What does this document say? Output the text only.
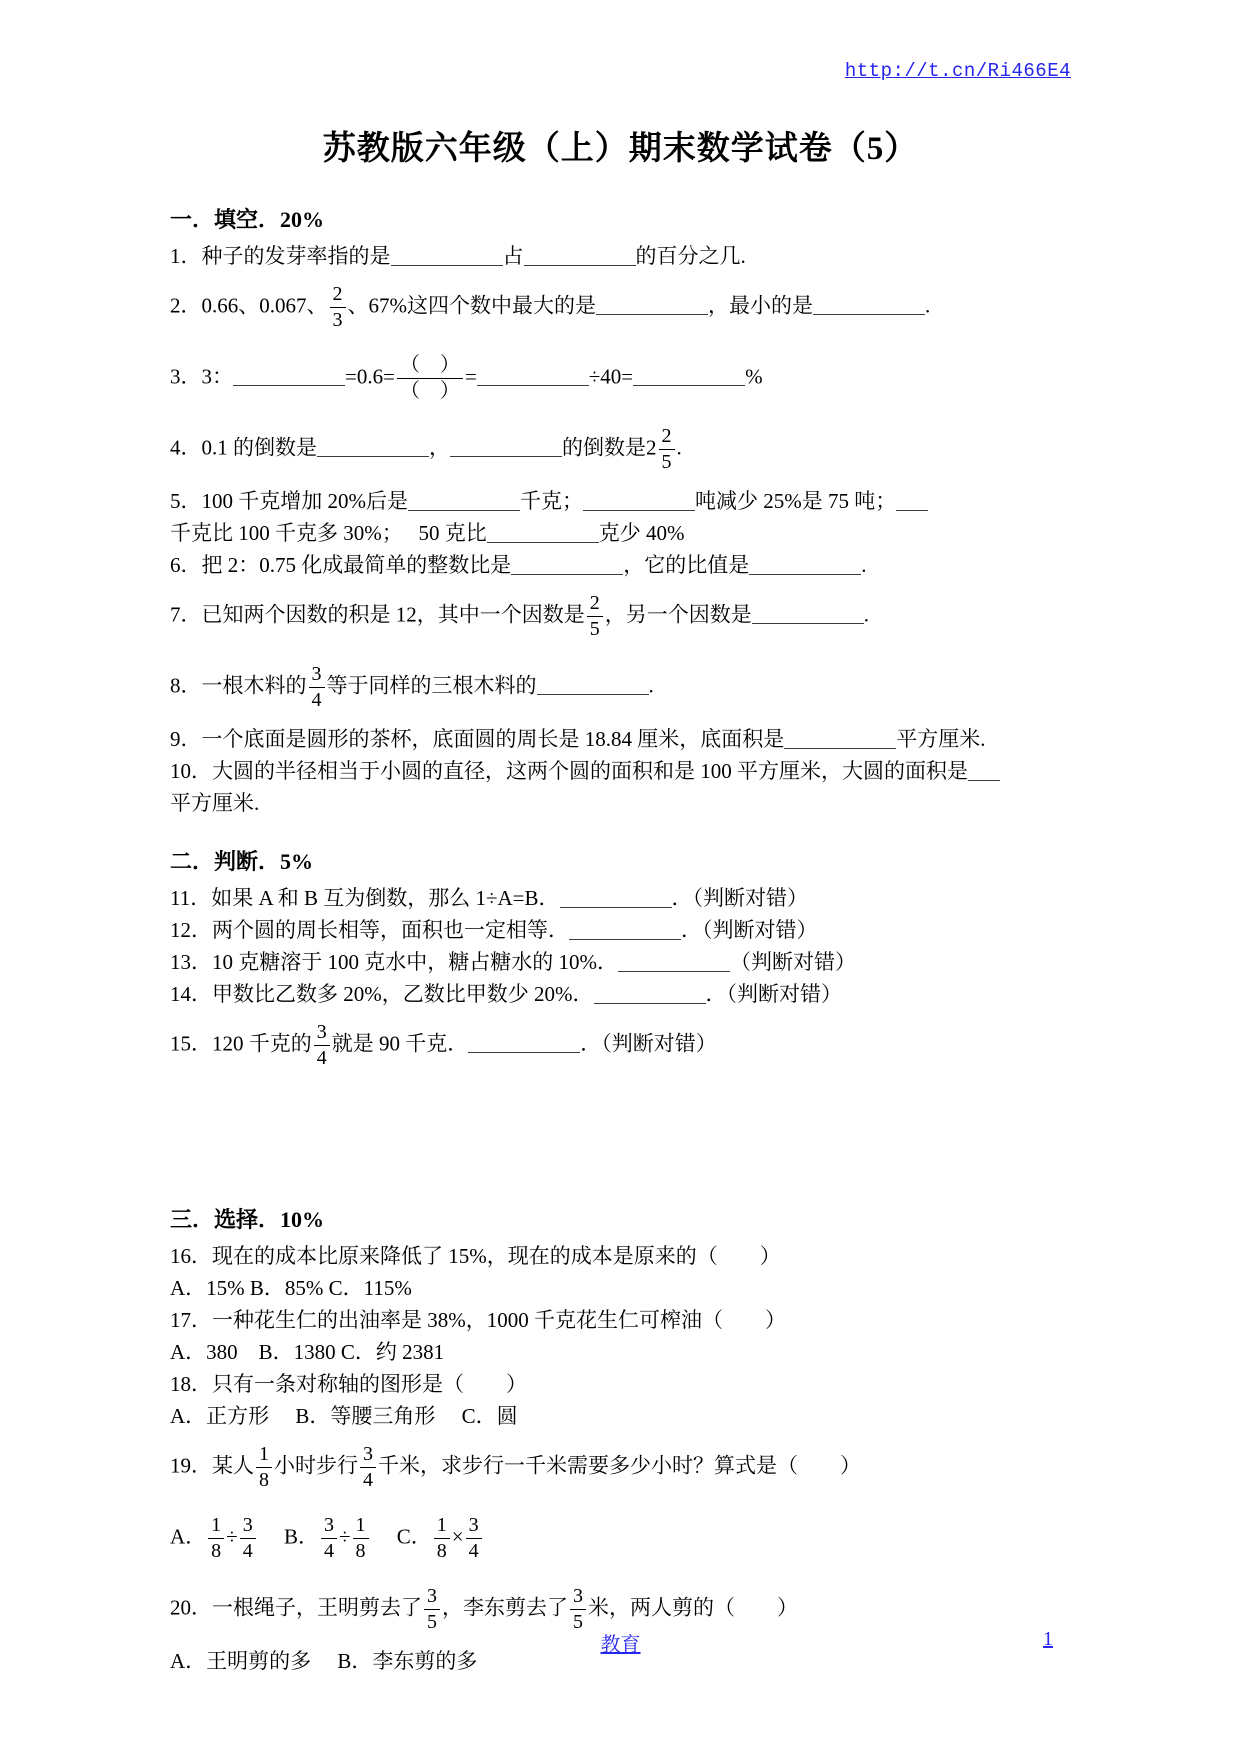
http://t.cn/Ri466E4
苏教版六年级（上）期末数学试卷（5）
一．填空．20%
1．种子的发芽率指的是	占	的百分之几.
2．0.66、0.067、 $\frac{2}{3}$ 、67%这四个数中最大的是	，最小的是	.
3．3：	$=0.6= \frac{( )}{( )}$ =	÷40=	%
4．0.1 的倒数是	，	的倒数是$2 \frac{2}{5}$ .
5．100 千克增加 20%后是	千克；	吨减少 25%是 75 吨；
千克比 100 千克多 30%；　 50 克比	克少 40%
6．把 2：0.75 化成最简单的整数比是	，它的比值是	.
7．已知两个因数的积是 12，其中一个因数是 $\frac{2}{5}$ ，另一个因数是	.
8．一根木料的 $\frac{3}{4}$ 等于同样的三根木料的	.
9．一个底面是圆形的茶杯，底面圆的周长是 18.84 厘米，底面积是	平方厘米.
10．大圆的半径相当于小圆的直径，这两个圆的面积和是 100 平方厘米，大圆的面积是
平方厘米.
二．判断．5%
11．如果 A 和 B 互为倒数，那么 1÷A=B．	．（判断对错）
12．两个圆的周长相等，面积也一定相等．	．（判断对错）
13．10 克糖溶于 100 克水中，糖占糖水的 10%．	（判断对错）
14．甲数比乙数多 20%，乙数比甲数少 20%．	．（判断对错）
15．120 千克的 $\frac{3}{4}$ 就是 90 千克．	．（判断对错）
三．选择．10%
16．现在的成本比原来降低了 15%，现在的成本是原来的（　　）
A．15% B．85% C．115%
17．一种花生仁的出油率是 38%，1000 千克花生仁可榨油（　　）
A．380　B．1380 C．约 2381
18．只有一条对称轴的图形是（　　）
A．正方形　 B．等腰三角形　 C．圆
19．某人 $\frac{1}{8}$ 小时步行 $\frac{3}{4}$ 千米，求步行一千米需要多少小时？算式是（　　）
A． $\frac{1}{8} \div \frac{3}{4}$ 　 B． $\frac{3}{4} \div \frac{1}{8}$ 　 C． $\frac{1}{8} \times \frac{3}{4}$
20．一根绳子，王明剪去了 $\frac{3}{5}$ ，李东剪去了 $\frac{3}{5}$ 米，两人剪的（　　）
A．王明剪的多　 B．李东剪的多
教育	1
